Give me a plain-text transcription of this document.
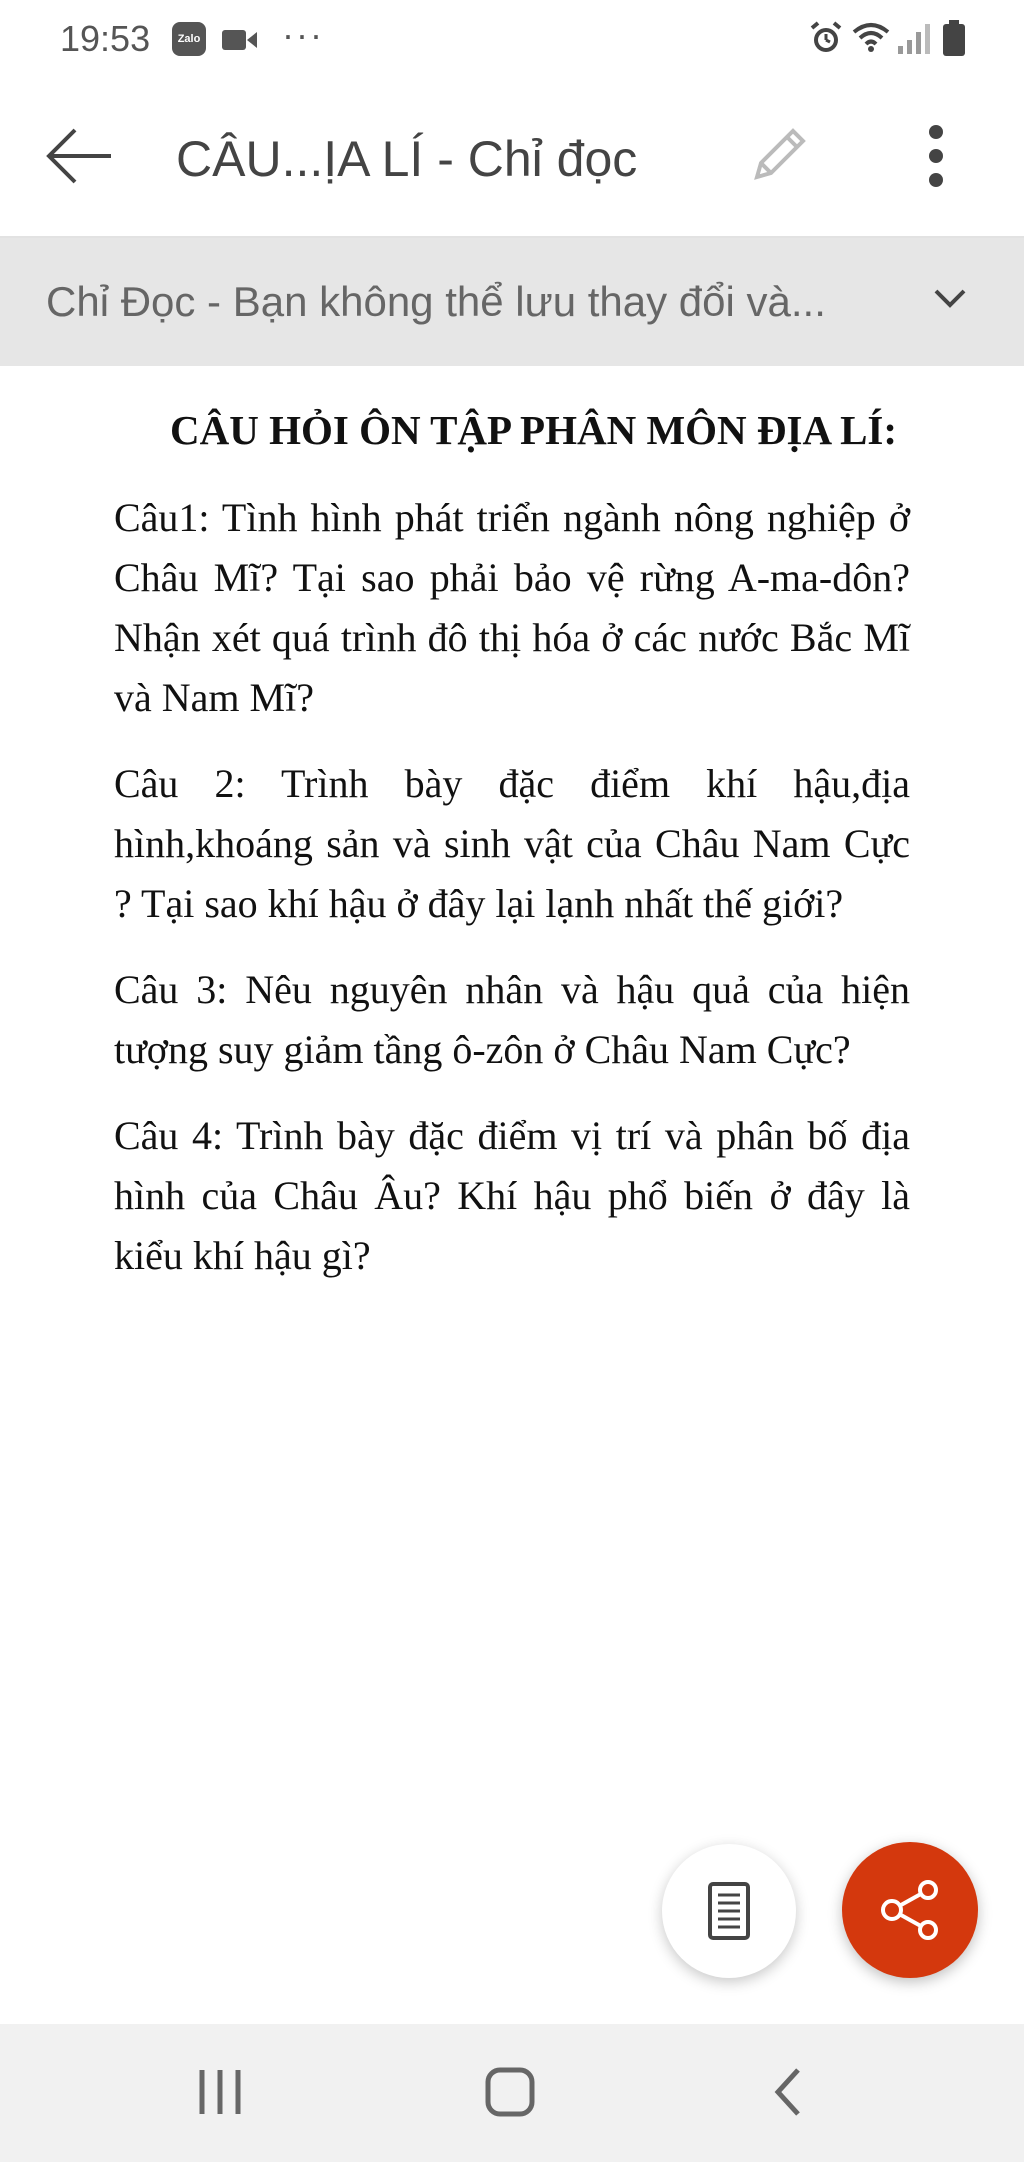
19:53	Zalo ···
CÂU...ỊA LÍ - Chỉ đọc
Chỉ Đọc - Bạn không thể lưu thay đổi và...

CÂU HỎI ÔN TẬP PHÂN MÔN ĐỊA LÍ:

Câu1: Tình hình phát triển ngành nông nghiệp ở Châu Mĩ? Tại sao phải bảo vệ rừng A-ma-dôn? Nhận xét quá trình đô thị hóa ở các nước Bắc Mĩ và Nam Mĩ?

Câu 2: Trình bày đặc điểm khí hậu,địa hình,khoáng sản và sinh vật của Châu Nam Cực ? Tại sao khí hậu ở đây lại lạnh nhất thế giới?

Câu 3: Nêu nguyên nhân và hậu quả của hiện tượng suy giảm tầng ô-zôn ở Châu Nam Cực?

Câu 4: Trình bày đặc điểm vị trí và phân bố địa hình của Châu Âu? Khí hậu phổ biến ở đây là kiểu khí hậu gì?
